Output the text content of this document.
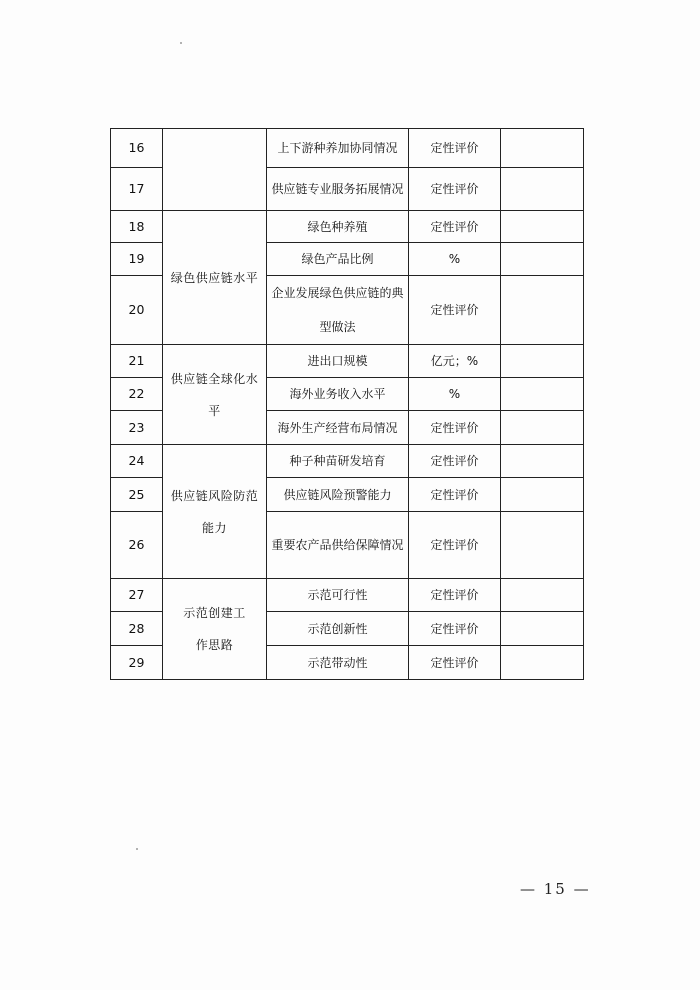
16		上下游种养加协同情况	定性评价	
17		供应链专业服务拓展情况	定性评价	
18	绿色供应链水平	绿色种养殖	定性评价	
19		绿色产品比例	%	
20		企业发展绿色供应链的典型做法	定性评价	
21	供应链全球化水平	进出口规模	亿元；%	
22		海外业务收入水平	%	
23		海外生产经营布局情况	定性评价	
24	供应链风险防范能力	种子种苗研发培育	定性评价	
25		供应链风险预警能力	定性评价	
26		重要农产品供给保障情况	定性评价	
27	示范创建工作思路	示范可行性	定性评价	
28		示范创新性	定性评价	
29		示范带动性	定性评价	
— 15 —
